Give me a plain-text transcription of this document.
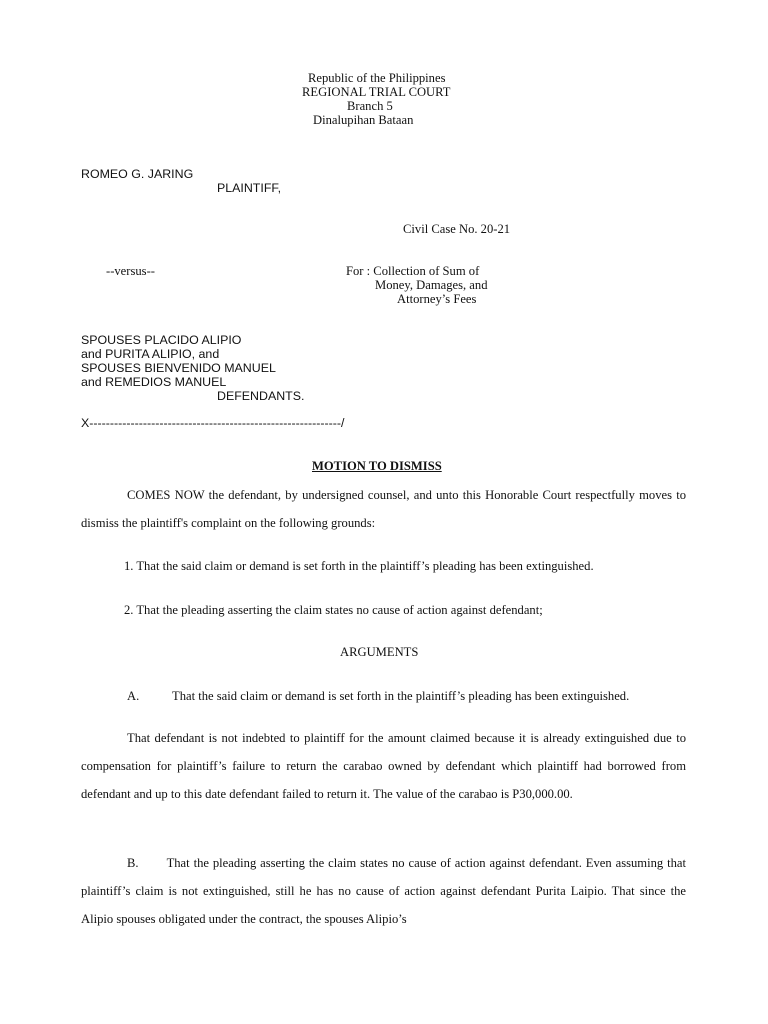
Republic of the Philippines
REGIONAL TRIAL COURT
Branch 5
Dinalupihan Bataan
ROMEO G. JARING
PLAINTIFF,
Civil Case No. 20-21
--versus--	For : Collection of Sum of
Money, Damages, and
Attorney’s Fees
SPOUSES PLACIDO ALIPIO
and PURITA ALIPIO, and
SPOUSES BIENVENIDO MANUEL
and REMEDIOS MANUEL
DEFENDANTS.
X-------------------------------------------------------------/
MOTION TO DISMISS
COMES NOW the defendant, by undersigned counsel, and unto this Honorable Court respectfully moves to dismiss the plaintiff's complaint on the following grounds:
1. That the said claim or demand is set forth in the plaintiff’s pleading has been extinguished.
2. That the pleading asserting the claim states no cause of action against defendant;
ARGUMENTS
A.	That the said claim or demand is set forth in the plaintiff’s pleading has been extinguished.
That defendant is not indebted to plaintiff for the amount claimed because it is already extinguished due to compensation for plaintiff’s failure to return the carabao owned by defendant which plaintiff had borrowed from defendant and up to this date defendant failed to return it. The value of the carabao is P30,000.00.
B. That the pleading asserting the claim states no cause of action against defendant. Even assuming that plaintiff’s claim is not extinguished, still he has no cause of action against defendant Purita Laipio. That since the Alipio spouses obligated under the contract, the spouses Alipio’s
